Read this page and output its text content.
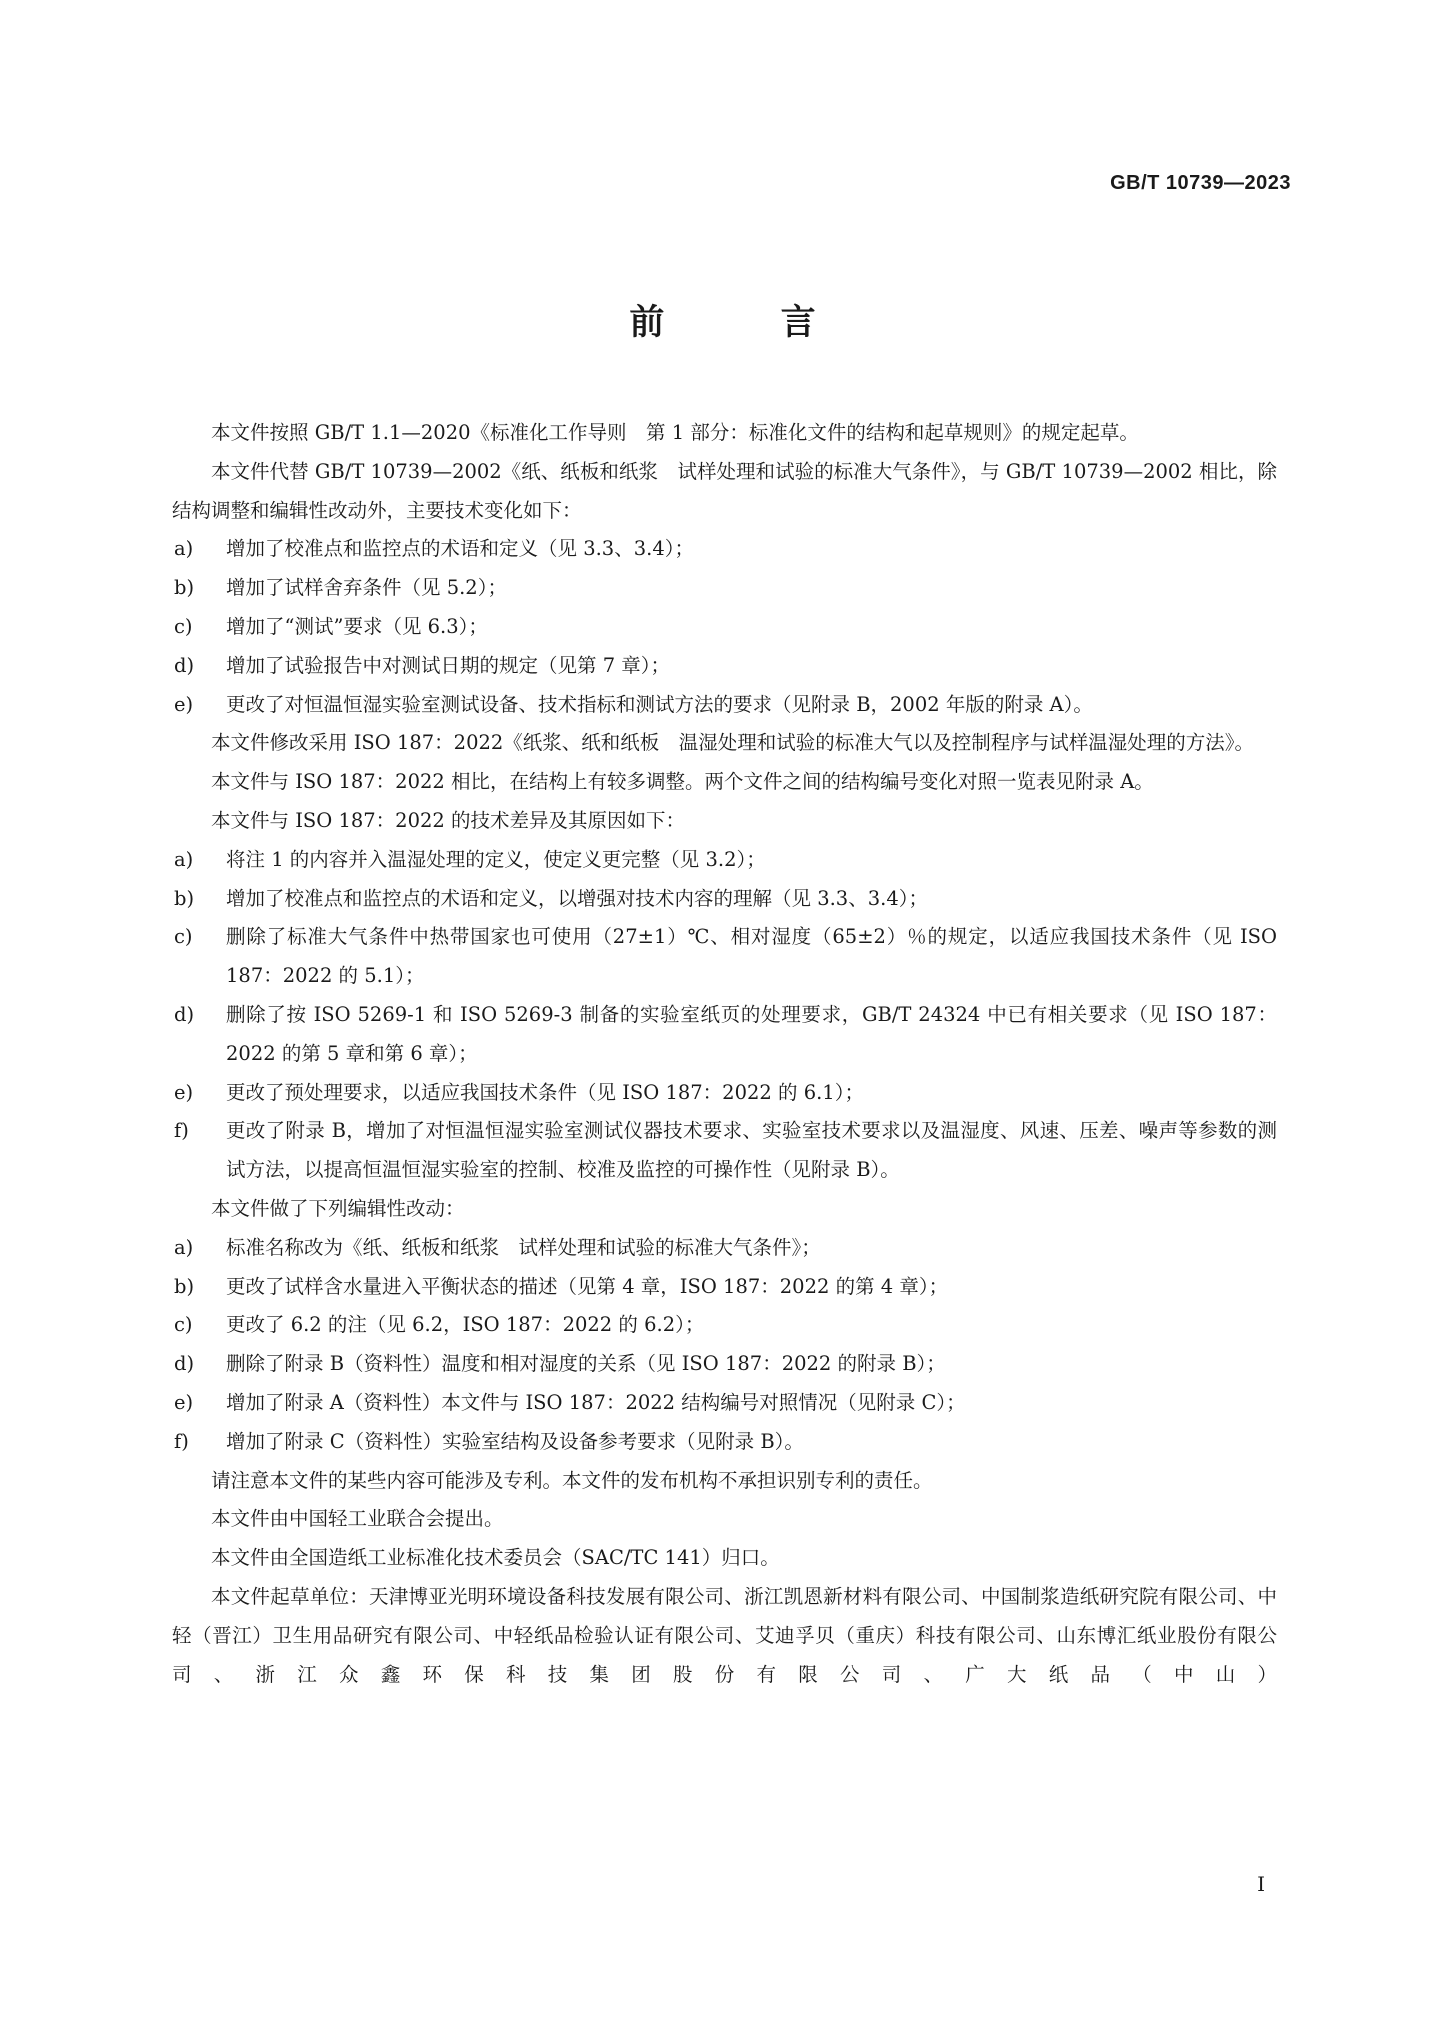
GB/T 10739—2023
前 言
本文件按照 GB/T 1.1—2020《标准化工作导则　第 1 部分：标准化文件的结构和起草规则》的规定起草。
本文件代替 GB/T 10739—2002《纸、纸板和纸浆　试样处理和试验的标准大气条件》，与 GB/T 10739—2002 相比，除结构调整和编辑性改动外，主要技术变化如下：
a)	增加了校准点和监控点的术语和定义（见 3.3、3.4）；
b)	增加了试样舍弃条件（见 5.2）；
c)	增加了“测试”要求（见 6.3）；
d)	增加了试验报告中对测试日期的规定（见第 7 章）；
e)	更改了对恒温恒湿实验室测试设备、技术指标和测试方法的要求（见附录 B，2002 年版的附录 A）。
本文件修改采用 ISO 187：2022《纸浆、纸和纸板　温湿处理和试验的标准大气以及控制程序与试样温湿处理的方法》。
本文件与 ISO 187：2022 相比，在结构上有较多调整。两个文件之间的结构编号变化对照一览表见附录 A。
本文件与 ISO 187：2022 的技术差异及其原因如下：
a)	将注 1 的内容并入温湿处理的定义，使定义更完整（见 3.2）；
b)	增加了校准点和监控点的术语和定义，以增强对技术内容的理解（见 3.3、3.4）；
c)	删除了标准大气条件中热带国家也可使用（27±1）℃、相对湿度（65±2）％的规定，以适应我国技术条件（见 ISO 187：2022 的 5.1）；
d)	删除了按 ISO 5269-1 和 ISO 5269-3 制备的实验室纸页的处理要求，GB/T 24324 中已有相关要求（见 ISO 187：2022 的第 5 章和第 6 章）；
e)	更改了预处理要求，以适应我国技术条件（见 ISO 187：2022 的 6.1）；
f)	更改了附录 B，增加了对恒温恒湿实验室测试仪器技术要求、实验室技术要求以及温湿度、风速、压差、噪声等参数的测试方法，以提高恒温恒湿实验室的控制、校准及监控的可操作性（见附录 B）。
本文件做了下列编辑性改动：
a)	标准名称改为《纸、纸板和纸浆　试样处理和试验的标准大气条件》；
b)	更改了试样含水量进入平衡状态的描述（见第 4 章，ISO 187：2022 的第 4 章）；
c)	更改了 6.2 的注（见 6.2，ISO 187：2022 的 6.2）；
d)	删除了附录 B（资料性）温度和相对湿度的关系（见 ISO 187：2022 的附录 B）；
e)	增加了附录 A（资料性）本文件与 ISO 187：2022 结构编号对照情况（见附录 C）；
f)	增加了附录 C（资料性）实验室结构及设备参考要求（见附录 B）。
请注意本文件的某些内容可能涉及专利。本文件的发布机构不承担识别专利的责任。
本文件由中国轻工业联合会提出。
本文件由全国造纸工业标准化技术委员会（SAC/TC 141）归口。
本文件起草单位：天津博亚光明环境设备科技发展有限公司、浙江凯恩新材料有限公司、中国制浆造纸研究院有限公司、中轻（晋江）卫生用品研究有限公司、中轻纸品检验认证有限公司、艾迪孚贝（重庆）科技有限公司、山东博汇纸业股份有限公司、浙江众鑫环保科技集团股份有限公司、广大纸品（中山）
I
